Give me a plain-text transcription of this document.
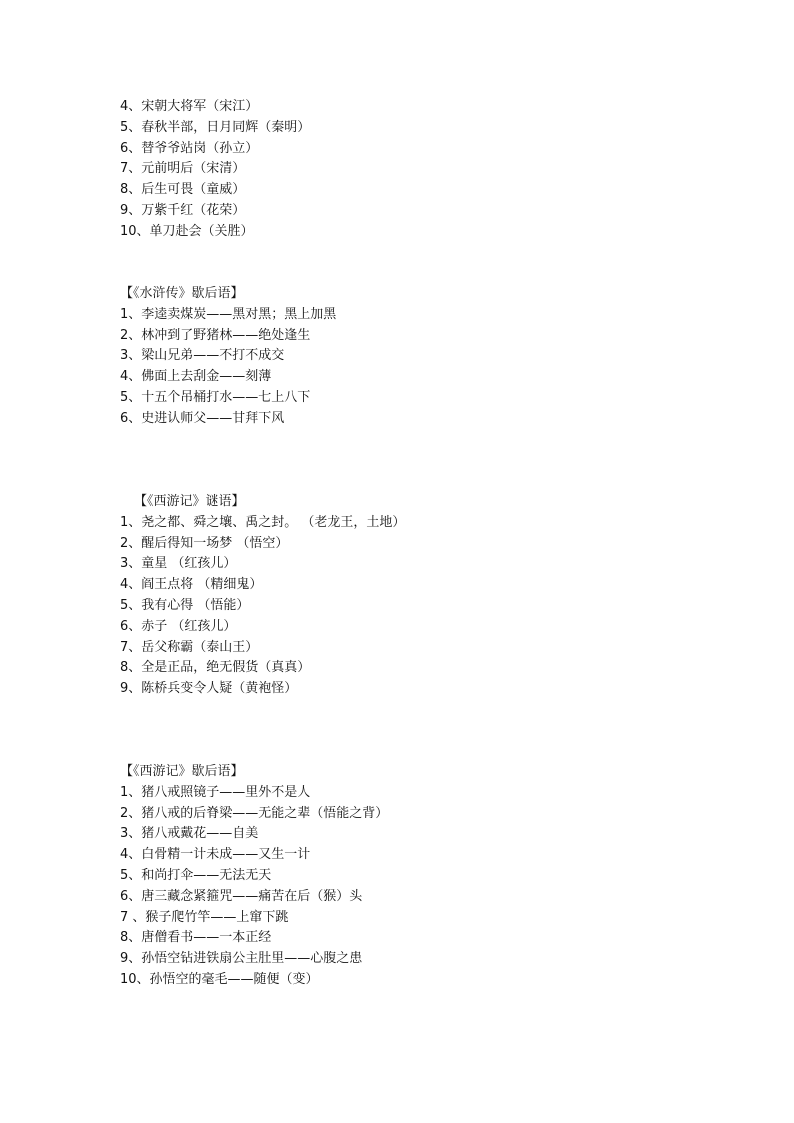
4、宋朝大将军（宋江）
5、春秋半部，日月同辉（秦明）
6、替爷爷站岗（孙立）
7、元前明后（宋清）
8、后生可畏（童威）
9、万紫千红（花荣）
10、单刀赴会（关胜）
【《水浒传》歇后语】
1、李逵卖煤炭——黑对黑；黑上加黑
2、林冲到了野猪林——绝处逢生
3、梁山兄弟——不打不成交
4、佛面上去刮金——刻薄
5、十五个吊桶打水——七上八下
6、史进认师父——甘拜下风
【《西游记》谜语】
1、尧之都、舜之壤、禹之封。 （老龙王，土地）
2、醒后得知一场梦 （悟空）
3、童星 （红孩儿）
4、阎王点将 （精细鬼）
5、我有心得 （悟能）
6、赤子 （红孩儿）
7、岳父称霸（泰山王）
8、全是正品，绝无假货（真真）
9、陈桥兵变令人疑（黄袍怪）
【《西游记》歇后语】
1、猪八戒照镜子——里外不是人
2、猪八戒的后脊梁——无能之辈（悟能之背）
3、猪八戒戴花——自美
4、白骨精一计未成——又生一计
5、和尚打伞——无法无天
6、唐三藏念紧箍咒——痛苦在后（猴）头
7 、猴子爬竹竿——上窜下跳
8、唐僧看书——一本正经
9、孙悟空钻进铁扇公主肚里——心腹之患
10、孙悟空的毫毛——随便（变）
